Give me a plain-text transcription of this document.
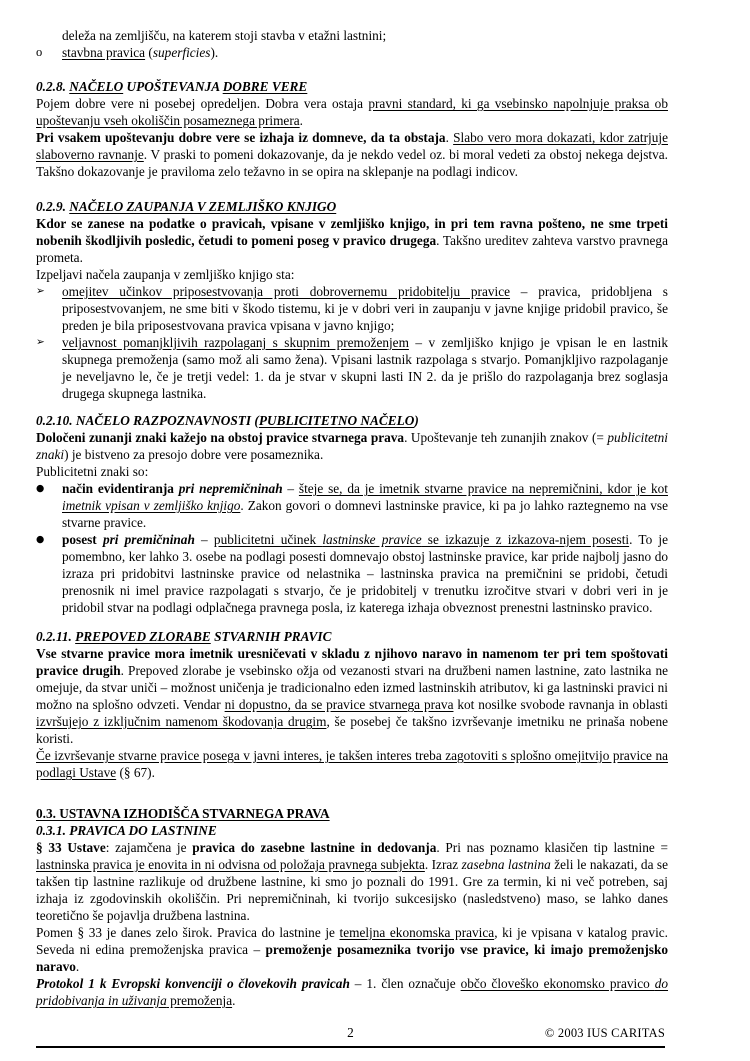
deleža na zemljišču, na katerem stoji stavba v etažni lastnini;
o	stavbna pravica (superficies).
0.2.8. NAČELO UPOŠTEVANJA DOBRE VERE
Pojem dobre vere ni posebej opredeljen. Dobra vera ostaja pravni standard, ki ga vsebinsko napolnjuje praksa ob upoštevanju vseh okoliščin posameznega primera.
Pri vsakem upoštevanju dobre vere se izhaja iz domneve, da ta obstaja. Slabo vero mora dokazati, kdor zatrjuje slaboverno ravnanje. V praski to pomeni dokazovanje, da je nekdo vedel oz. bi moral vedeti za obstoj nekega dejstva. Takšno dokazovanje je praviloma zelo težavno in se opira na sklepanje na podlagi indicov.
0.2.9. NAČELO ZAUPANJA V ZEMLJIŠKO KNJIGO
Kdor se zanese na podatke o pravicah, vpisane v zemljiško knjigo, in pri tem ravna pošteno, ne sme trpeti nobenih škodljivih posledic, četudi to pomeni poseg v pravico drugega. Takšno ureditev zahteva varstvo pravnega prometa.
Izpeljavi načela zaupanja v zemljiško knjigo sta:
➢	omejitev učinkov priposestvovanja proti dobrovernemu pridobitelju pravice – pravica, pridobljena s priposestvovanjem, ne sme biti v škodo tistemu, ki je v dobri veri in zaupanju v javne knjige pridobil pravico, še preden je bila priposestvovana pravica vpisana v javno knjigo;
➢	veljavnost pomanjkljivih razpolaganj s skupnim premoženjem – v zemljiško knjigo je vpisan le en lastnik skupnega premoženja (samo mož ali samo žena). Vpisani lastnik razpolaga s stvarjo. Pomanjkljivo razpolaganje je neveljavno le, če je tretji vedel: 1. da je stvar v skupni lasti IN 2. da je prišlo do razpolaganja brez soglasja drugega skupnega lastnika.
0.2.10. NAČELO RAZPOZNAVNOSTI (PUBLICITETNO NAČELO)
Določeni zunanji znaki kažejo na obstoj pravice stvarnega prava. Upoštevanje teh zunanjih znakov (= publicitetni znaki) je bistveno za presojo dobre vere posameznika.
Publicitetni znaki so:
●	način evidentiranja pri nepremičninah – šteje se, da je imetnik stvarne pravice na nepremičnini, kdor je kot imetnik vpisan v zemljiško knjigo. Zakon govori o domnevi lastninske pravice, ki pa jo lahko raztegnemo na vse stvarne pravice.
●	posest pri premičninah – publicitetni učinek lastninske pravice se izkazuje z izkazova-njem posesti. To je pomembno, ker lahko 3. osebe na podlagi posesti domnevajo obstoj lastninske pravice, kar pride najbolj jasno do izraza pri pridobitvi lastninske pravice od nelastnika – lastninska pravica na premičnini se pridobi, četudi prenosnik ni imel pravice razpolagati s stvarjo, če je pridobitelj v trenutku izročitve stvari v dobri veri in je pridobil stvar na podlagi odplačnega pravnega posla, iz katerega izhaja obveznost prenestni lastninsko pravico.
0.2.11. PREPOVED ZLORABE STVARNIH PRAVIC
Vse stvarne pravice mora imetnik uresničevati v skladu z njihovo naravo in namenom ter pri tem spoštovati pravice drugih. Prepoved zlorabe je vsebinsko ožja od vezanosti stvari na družbeni namen lastnine, zato lastnika ne omejuje, da stvar uniči – možnost uničenja je tradicionalno eden izmed lastninskih atributov, ki ga lastninski pravici ni možno na splošno odvzeti. Vendar ni dopustno, da se pravice stvarnega prava kot nosilke svobode ravnanja in oblasti izvršujejo z izključnim namenom škodovanja drugim, še posebej če takšno izvrševanje imetniku ne prinaša nobene koristi.
Če izvrševanje stvarne pravice posega v javni interes, je takšen interes treba zagotoviti s splošno omejitvijo pravice na podlagi Ustave (§ 67).
0.3. USTAVNA IZHODIŠČA STVARNEGA PRAVA
0.3.1. PRAVICA DO LASTNINE
§ 33 Ustave: zajamčena je pravica do zasebne lastnine in dedovanja. Pri nas poznamo klasičen tip lastnine = lastninska pravica je enovita in ni odvisna od položaja pravnega subjekta. Izraz zasebna lastnina želi le nakazati, da se takšen tip lastnine razlikuje od družbene lastnine, ki smo jo poznali do 1991. Gre za termin, ki ni več potreben, saj izhaja iz zgodovinskih okoliščin. Pri nepremičninah, ki tvorijo sukcesijsko (nasledstveno) maso, se lahko danes teoretično še pojavlja družbena lastnina.
Pomen § 33 je danes zelo širok. Pravica do lastnine je temeljna ekonomska pravica, ki je vpisana v katalog pravic. Seveda ni edina premoženjska pravica – premoženje posameznika tvorijo vse pravice, ki imajo premoženjsko naravo.
Protokol 1 k Evropski konvenciji o človekovih pravicah – 1. člen označuje občo človeško ekonomsko pravico do pridobivanja in uživanja premoženja.
2	© 2003 IUS CARITAS
